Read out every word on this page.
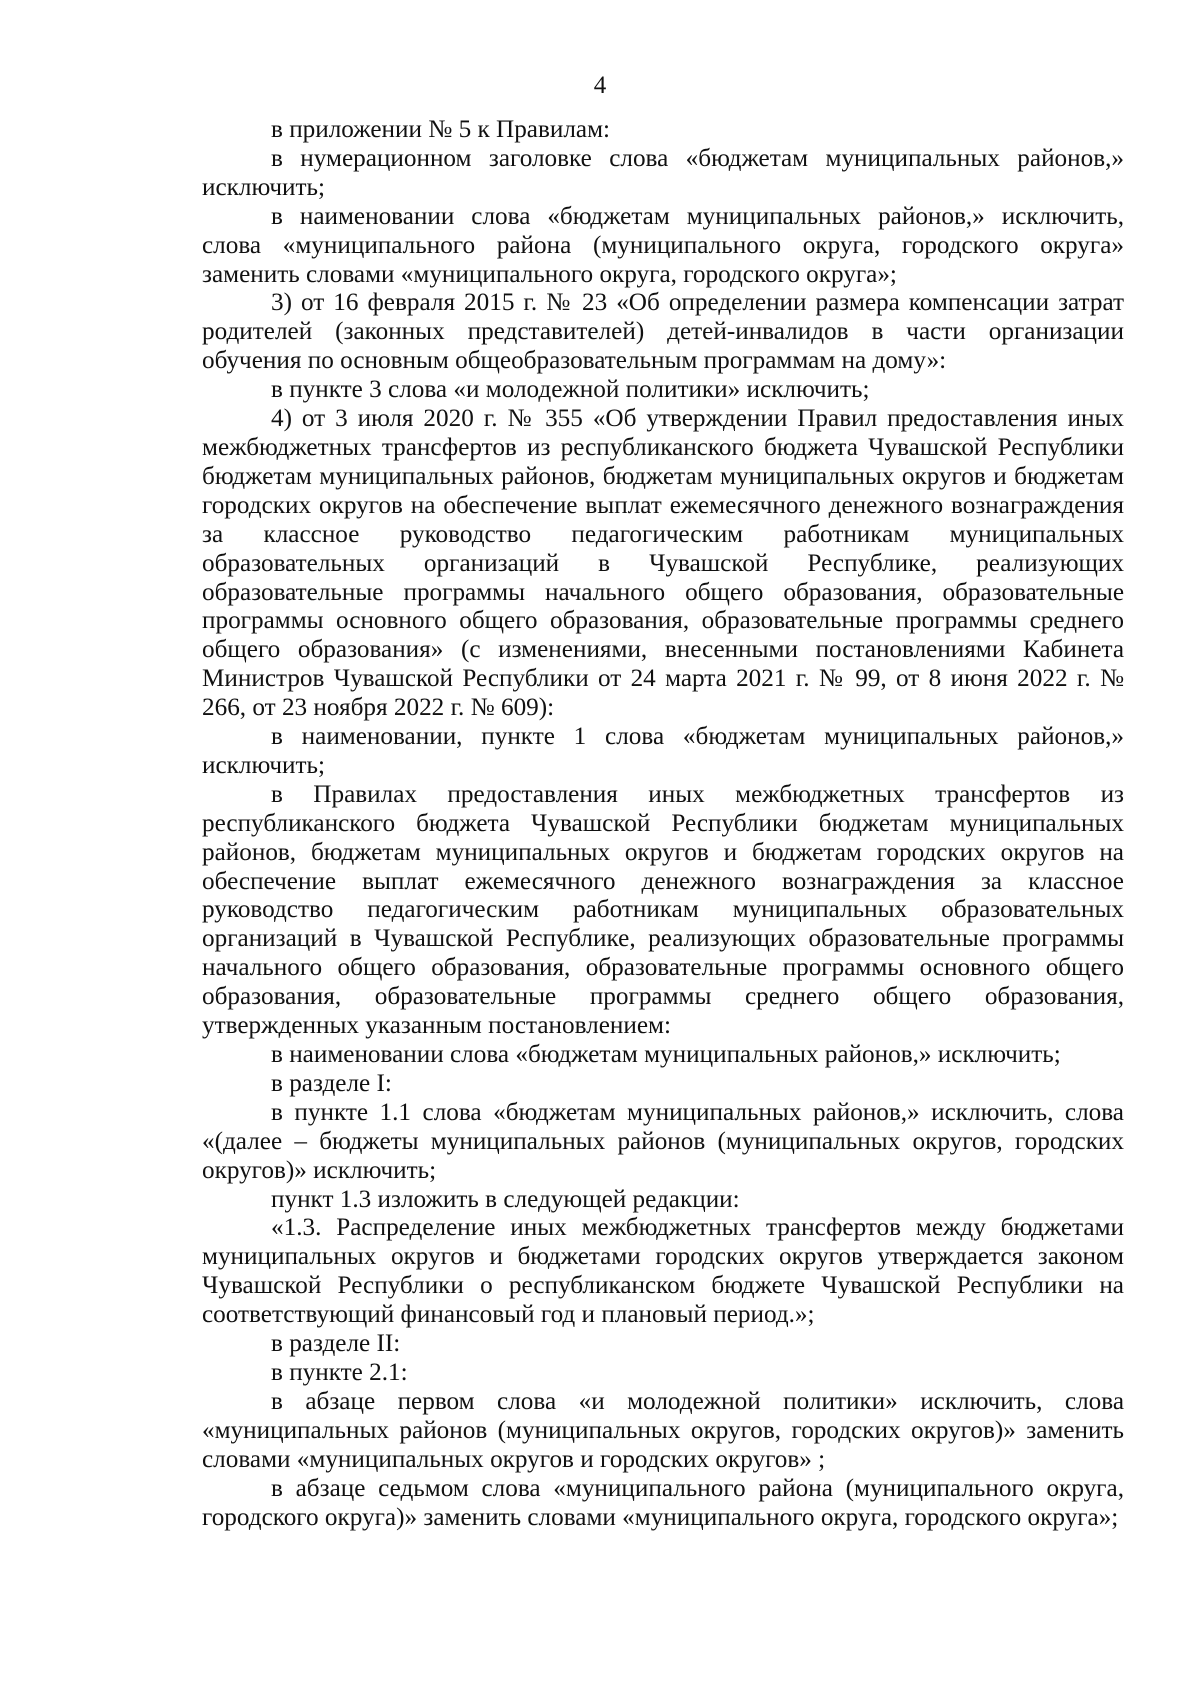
4

в приложении № 5 к Правилам:

в нумерационном заголовке слова «бюджетам муниципальных районов,» исключить;

в наименовании слова «бюджетам муниципальных районов,» исключить, слова «муниципального района (муниципального округа, городского округа» заменить словами «муниципального округа, городского округа»;

3) от 16 февраля 2015 г. № 23 «Об определении размера компенсации затрат родителей (законных представителей) детей-инвалидов в части организации обучения по основным общеобразовательным программам на дому»:

в пункте 3 слова «и молодежной политики» исключить;

4) от 3 июля 2020 г. № 355 «Об утверждении Правил предоставления иных межбюджетных трансфертов из республиканского бюджета Чувашской Республики бюджетам муниципальных районов, бюджетам муниципальных округов и бюджетам городских округов на обеспечение выплат ежемесячного денежного вознаграждения за классное руководство педагогическим работникам муниципальных образовательных организаций в Чувашской Республике, реализующих образовательные программы начального общего образования, образовательные программы основного общего образования, образовательные программы среднего общего образования» (с изменениями, внесенными постановлениями Кабинета Министров Чувашской Республики от 24 марта 2021 г. № 99, от 8 июня 2022 г. № 266, от 23 ноября 2022 г. № 609):

в наименовании, пункте 1 слова «бюджетам муниципальных районов,» исключить;

в Правилах предоставления иных межбюджетных трансфертов из республиканского бюджета Чувашской Республики бюджетам муниципальных районов, бюджетам муниципальных округов и бюджетам городских округов на обеспечение выплат ежемесячного денежного вознаграждения за классное руководство педагогическим работникам муниципальных образовательных организаций в Чувашской Республике, реализующих образовательные программы начального общего образования, образовательные программы основного общего образования, образовательные программы среднего общего образования, утвержденных указанным постановлением:

в наименовании слова «бюджетам муниципальных районов,» исключить;

в разделе I:

в пункте 1.1 слова «бюджетам муниципальных районов,» исключить, слова «(далее – бюджеты муниципальных районов (муниципальных округов, городских округов)» исключить;

пункт 1.3 изложить в следующей редакции:

«1.3. Распределение иных межбюджетных трансфертов между бюджетами муниципальных округов и бюджетами городских округов утверждается законом Чувашской Республики о республиканском бюджете Чувашской Республики на соответствующий финансовый год и плановый период.»;

в разделе II:

в пункте 2.1:

в абзаце первом слова «и молодежной политики» исключить, слова «муниципальных районов (муниципальных округов, городских округов)» заменить словами «муниципальных округов и городских округов» ;

в абзаце седьмом слова «муниципального района (муниципального округа, городского округа)» заменить словами «муниципального округа, городского округа»;
